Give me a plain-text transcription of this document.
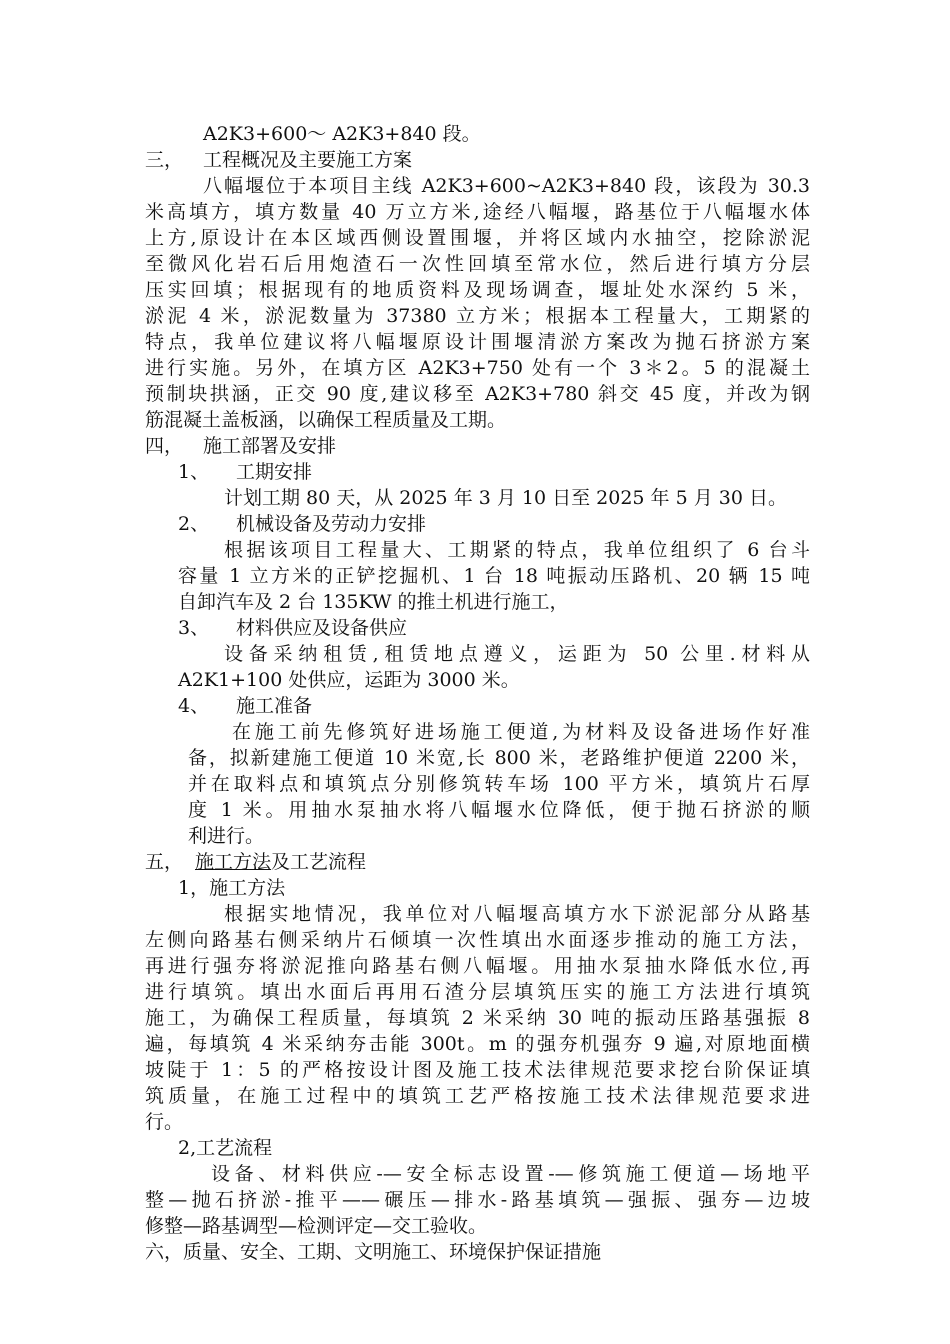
A2K3+600～ A2K3+840 段。
三， 工程概况及主要施工方案
八幅堰位于本项目主线 A2K3+600~A2K3+840 段，该段为 30.3
米高填方，填方数量 40 万立方米,途经八幅堰，路基位于八幅堰水体
上方,原设计在本区域西侧设置围堰，并将区域内水抽空，挖除淤泥
至微风化岩石后用炮渣石一次性回填至常水位，然后进行填方分层
压实回填；根据现有的地质资料及现场调查，堰址处水深约 5 米，
淤泥 4 米，淤泥数量为 37380 立方米；根据本工程量大，工期紧的
特点，我单位建议将八幅堰原设计围堰清淤方案改为抛石挤淤方案
进行实施。另外，在填方区 A2K3+750 处有一个 3＊2。5 的混凝土
预制块拱涵，正交 90 度,建议移至 A2K3+780 斜交 45 度，并改为钢
筋混凝土盖板涵，以确保工程质量及工期。
四， 施工部署及安排
1、 工期安排
计划工期 80 天，从 2025 年 3 月 10 日至 2025 年 5 月 30 日。
2、 机械设备及劳动力安排
根据该项目工程量大、工期紧的特点，我单位组织了 6 台斗
容量 1 立方米的正铲挖掘机、1 台 18 吨振动压路机、20 辆 15 吨
自卸汽车及 2 台 135KW 的推土机进行施工，
3、 材料供应及设备供应
设备采纳租赁,租赁地点遵义，运距为 50 公里.材料从
A2K1+100 处供应，运距为 3000 米。
4、 施工准备
在施工前先修筑好进场施工便道,为材料及设备进场作好准
备，拟新建施工便道 10 米宽,长 800 米，老路维护便道 2200 米，
并在取料点和填筑点分别修筑转车场 100 平方米，填筑片石厚
度 1 米。用抽水泵抽水将八幅堰水位降低，便于抛石挤淤的顺
利进行。
五， 施工方法及工艺流程
1，施工方法
根据实地情况，我单位对八幅堰高填方水下淤泥部分从路基
左侧向路基右侧采纳片石倾填一次性填出水面逐步推动的施工方法，
再进行强夯将淤泥推向路基右侧八幅堰。用抽水泵抽水降低水位,再
进行填筑。填出水面后再用石渣分层填筑压实的施工方法进行填筑
施工，为确保工程质量，每填筑 2 米采纳 30 吨的振动压路基强振 8
遍，每填筑 4 米采纳夯击能 300t。m 的强夯机强夯 9 遍,对原地面横
坡陡于 1：5 的严格按设计图及施工技术法律规范要求挖台阶保证填
筑质量，在施工过程中的填筑工艺严格按施工技术法律规范要求进
行。
2,工艺流程
设备、材料供应-—安全标志设置-—修筑施工便道—场地平
整—抛石挤淤-推平——碾压—排水-路基填筑—强振、强夯—边坡
修整—路基调型—检测评定—交工验收。
六，质量、安全、工期、文明施工、环境保护保证措施
